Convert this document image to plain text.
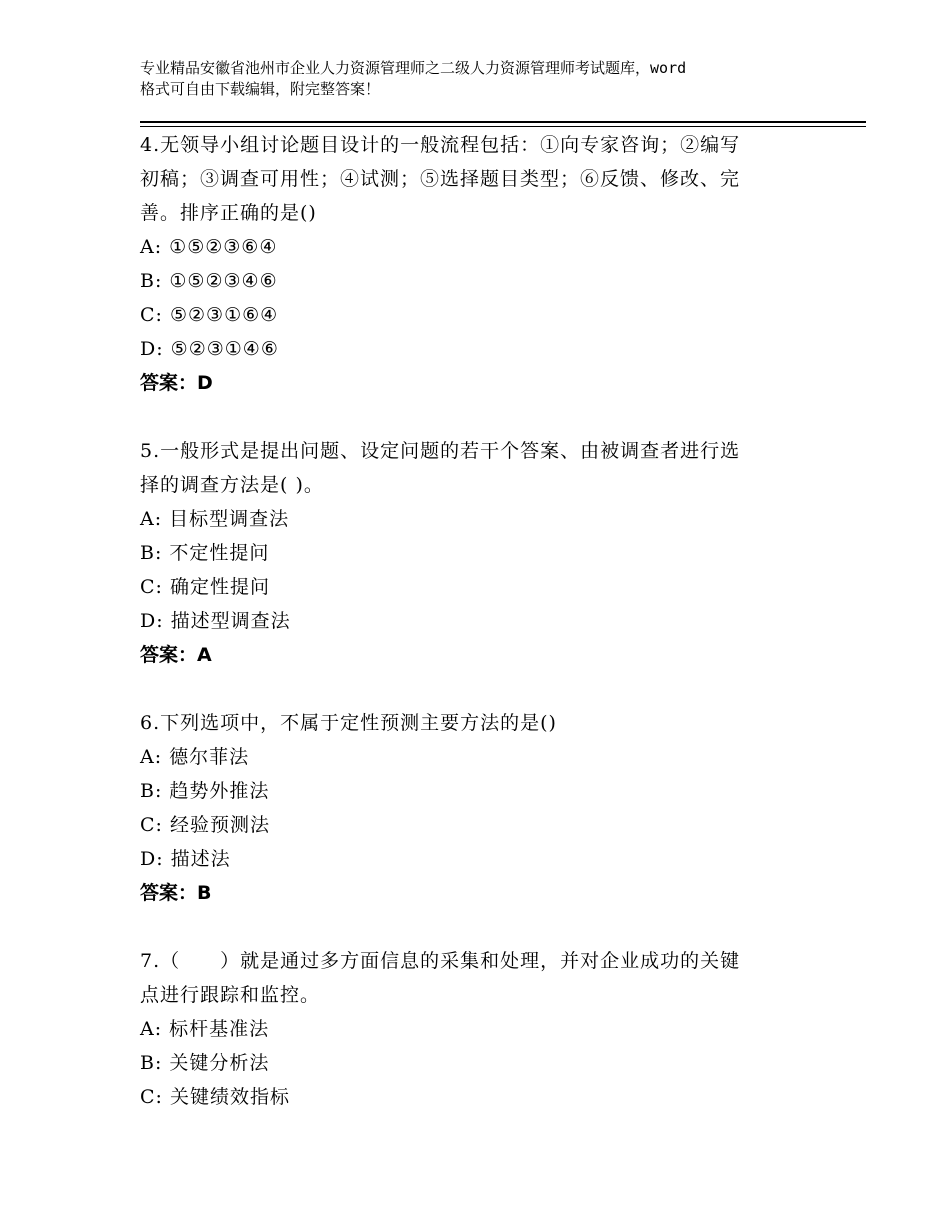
专业精品安徽省池州市企业人力资源管理师之二级人力资源管理师考试题库，word
格式可自由下载编辑，附完整答案！
4.无领导小组讨论题目设计的一般流程包括：①向专家咨询；②编写
初稿；③调查可用性；④试测；⑤选择题目类型；⑥反馈、修改、完
善。排序正确的是()
A: ①⑤②③⑥④
B: ①⑤②③④⑥
C: ⑤②③①⑥④
D: ⑤②③①④⑥
答案：D
5.一般形式是提出问题、设定问题的若干个答案、由被调查者进行选
择的调查方法是( )。
A: 目标型调查法
B: 不定性提问
C: 确定性提问
D: 描述型调查法
答案：A
6.下列选项中，不属于定性预测主要方法的是()
A: 德尔菲法
B: 趋势外推法
C: 经验预测法
D: 描述法
答案：B
7.（　　）就是通过多方面信息的采集和处理，并对企业成功的关键
点进行跟踪和监控。
A: 标杆基准法
B: 关键分析法
C: 关键绩效指标
